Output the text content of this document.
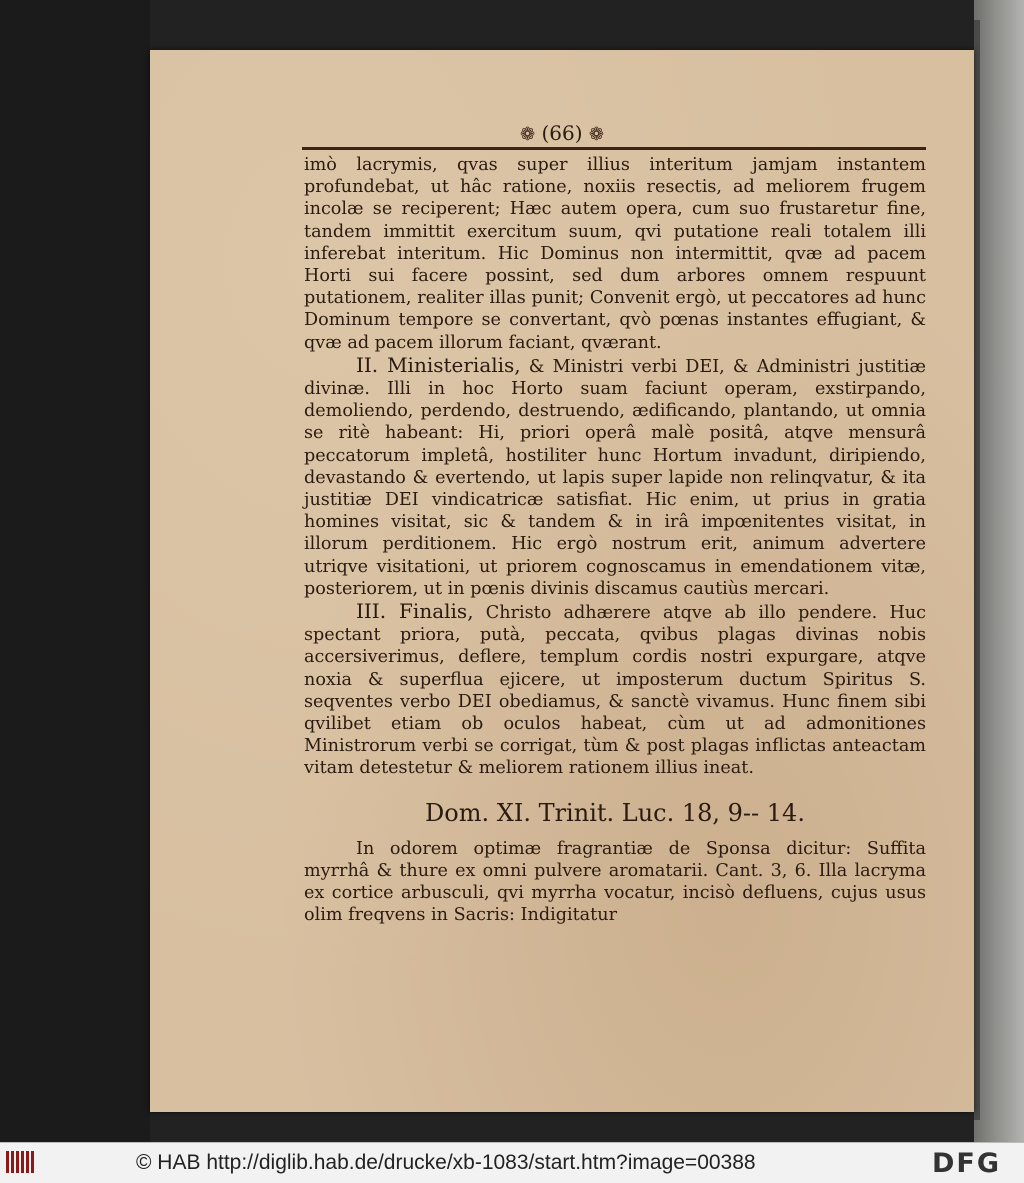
❁ (66) ❁

imò lacrymis, qvas super illius interitum jamjam instantem profundebat, ut hâc ratione, noxiis resectis, ad meliorem frugem incolæ se reciperent; Hæc autem opera, cum suo frustaretur fine, tandem immittit exercitum suum, qvi putatione reali totalem illi inferebat interitum. Hic Dominus non intermittit, qvæ ad pacem Horti sui facere possint, sed dum arbores omnem respuunt putationem, realiter illas punit; Convenit ergò, ut peccatores ad hunc Dominum tempore se convertant, qvò pœnas instantes effugiant, & qvæ ad pacem illorum faciant, qværant.

II. Ministerialis, & Ministri verbi DEI, & Administri justitiæ divinæ. Illi in hoc Horto suam faciunt operam, exstirpando, demoliendo, perdendo, destruendo, ædificando, plantando, ut omnia se ritè habeant: Hi, priori operâ malè positâ, atqve mensurâ peccatorum impletâ, hostiliter hunc Hortum invadunt, diripiendo, devastando & evertendo, ut lapis super lapide non relinqvatur, & ita justitiæ DEI vindicatricæ satisfiat. Hic enim, ut prius in gratia homines visitat, sic & tandem & in irâ impœnitentes visitat, in illorum perditionem. Hic ergò nostrum erit, animum advertere utriqve visitationi, ut priorem cognoscamus in emendationem vitæ, posteriorem, ut in pœnis divinis discamus cautiùs mercari.

III. Finalis, Christo adhærere atqve ab illo pendere. Huc spectant priora, putà, peccata, qvibus plagas divinas nobis accersiverimus, deflere, templum cordis nostri expurgare, atqve noxia & superflua ejicere, ut imposterum ductum Spiritus S. seqventes verbo DEI obediamus, & sanctè vivamus. Hunc finem sibi qvilibet etiam ob oculos habeat, cùm ut ad admonitiones Ministrorum verbi se corrigat, tùm & post plagas inflictas anteactam vitam detestetur & meliorem rationem illius ineat.

Dom. XI. Trinit. Luc. 18, 9-- 14.

In odorem optimæ fragrantiæ de Sponsa dicitur: Suffita myrrhâ & thure ex omni pulvere aromatarii. Cant. 3, 6. Illa lacryma ex cortice arbusculi, qvi myrrha vocatur, incisò defluens, cujus usus olim freqvens in Sacris: Indigitatur

© HAB http://diglib.hab.de/drucke/xb-1083/start.htm?image=00388	DFG
